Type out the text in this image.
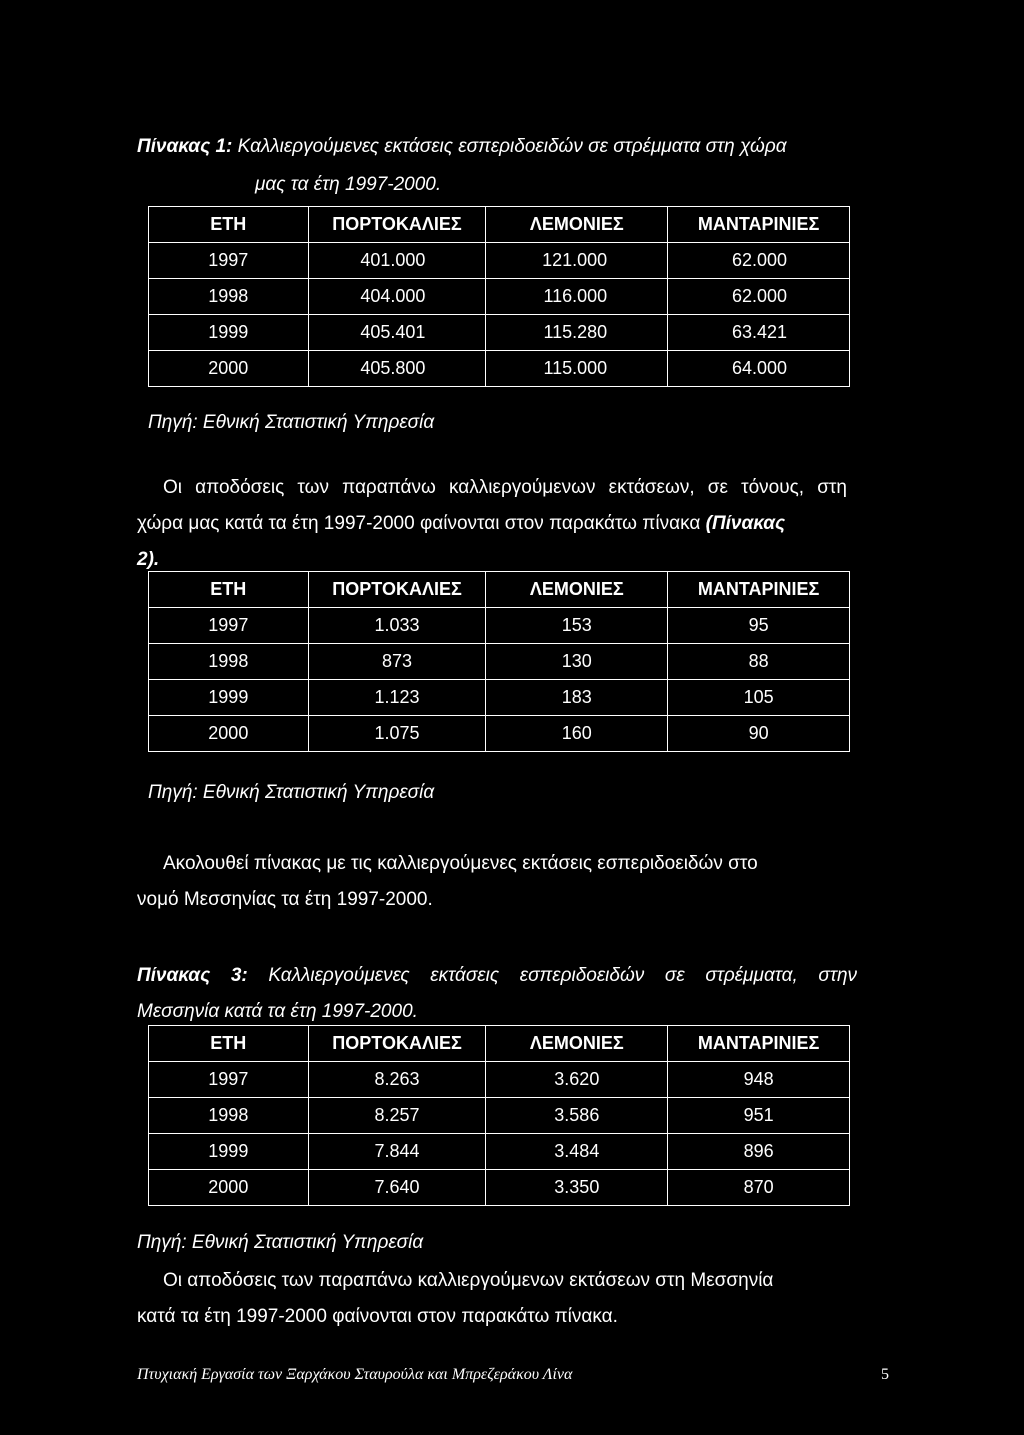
Πίνακας 1: Καλλιεργούμενες εκτάσεις εσπεριδοειδών σε στρέμματα στη χώρα
μας τα έτη 1997-2000.
ΕΤΗ	ΠΟΡΤΟΚΑΛΙΕΣ	ΛΕΜΟΝΙΕΣ	ΜΑΝΤΑΡΙΝΙΕΣ
1997	401.000	121.000	62.000
1998	404.000	116.000	62.000
1999	405.401	115.280	63.421
2000	405.800	115.000	64.000
Πηγή: Εθνική Στατιστική Υπηρεσία
Οι αποδόσεις των παραπάνω καλλιεργούμενων εκτάσεων, σε τόνους, στη
χώρα μας κατά τα έτη 1997-2000 φαίνονται στον παρακάτω πίνακα (Πίνακας
2).
ΕΤΗ	ΠΟΡΤΟΚΑΛΙΕΣ	ΛΕΜΟΝΙΕΣ	ΜΑΝΤΑΡΙΝΙΕΣ
1997	1.033	153	95
1998	873	130	88
1999	1.123	183	105
2000	1.075	160	90
Πηγή: Εθνική Στατιστική Υπηρεσία
Ακολουθεί πίνακας με τις καλλιεργούμενες εκτάσεις εσπεριδοειδών στο
νομό Μεσσηνίας τα έτη 1997-2000.
Πίνακας 3: Καλλιεργούμενες εκτάσεις εσπεριδοειδών σε στρέμματα, στην
Μεσσηνία κατά τα έτη 1997-2000.
ΕΤΗ	ΠΟΡΤΟΚΑΛΙΕΣ	ΛΕΜΟΝΙΕΣ	ΜΑΝΤΑΡΙΝΙΕΣ
1997	8.263	3.620	948
1998	8.257	3.586	951
1999	7.844	3.484	896
2000	7.640	3.350	870
Πηγή: Εθνική Στατιστική Υπηρεσία
Οι αποδόσεις των παραπάνω καλλιεργούμενων εκτάσεων στη Μεσσηνία
κατά τα έτη 1997-2000 φαίνονται στον παρακάτω πίνακα.
Πτυχιακή Εργασία των Ξαρχάκου Σταυρούλα και Μπρεζεράκου Λίνα	5
